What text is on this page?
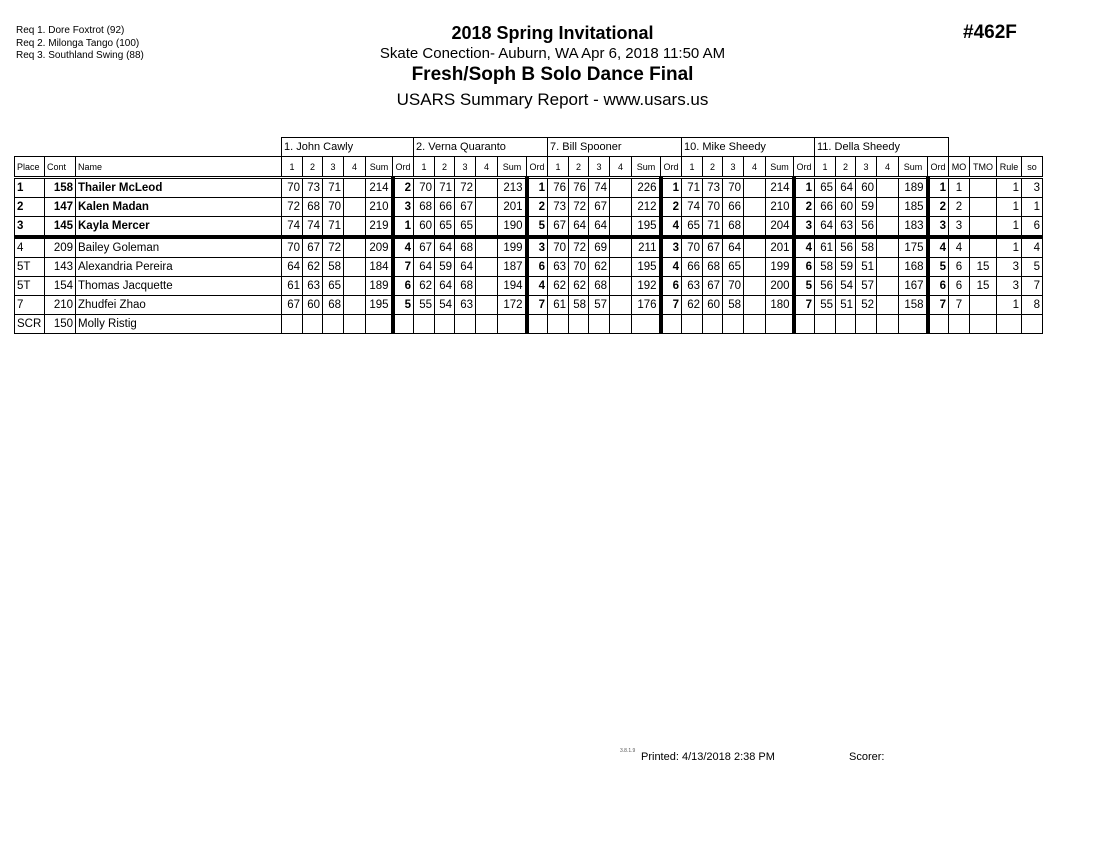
Req 1. Dore Foxtrot (92)
Req 2. Milonga Tango (100)
Req 3. Southland Swing (88)
2018 Spring Invitational
Skate Conection- Auburn, WA Apr 6, 2018 11:50 AM
Fresh/Soph B Solo Dance Final
USARS Summary Report - www.usars.us
#462F
			1. John Cawly						2. Verna Quaranto						7. Bill Spooner						10. Mike Sheedy						11. Della Sheedy									
Place	Cont	Name	1	2	3	4	Sum	Ord	1	2	3	4	Sum	Ord	1	2	3	4	Sum	Ord	1	2	3	4	Sum	Ord	1	2	3	4	Sum	Ord	MO	TMO	Rule	so
1	158	Thailer McLeod	70	73	71		214	2	70	71	72		213	1	76	76	74		226	1	71	73	70		214	1	65	64	60		189	1	1		1	3
2	147	Kalen Madan	72	68	70		210	3	68	66	67		201	2	73	72	67		212	2	74	70	66		210	2	66	60	59		185	2	2		1	1
3	145	Kayla Mercer	74	74	71		219	1	60	65	65		190	5	67	64	64		195	4	65	71	68		204	3	64	63	56		183	3	3		1	6
4	209	Bailey Goleman	70	67	72		209	4	67	64	68		199	3	70	72	69		211	3	70	67	64		201	4	61	56	58		175	4	4		1	4
5T	143	Alexandria Pereira	64	62	58		184	7	64	59	64		187	6	63	70	62		195	4	66	68	65		199	6	58	59	51		168	5	6	15	3	5
5T	154	Thomas Jacquette	61	63	65		189	6	62	64	68		194	4	62	62	68		192	6	63	67	70		200	5	56	54	57		167	6	6	15	3	7
7	210	Zhudfei Zhao	67	60	68		195	5	55	54	63		172	7	61	58	57		176	7	62	60	58		180	7	55	51	52		158	7	7		1	8
SCR	150	Molly Ristig																																		
3.8.1.9 Printed: 4/13/2018 2:38 PM	Scorer:
